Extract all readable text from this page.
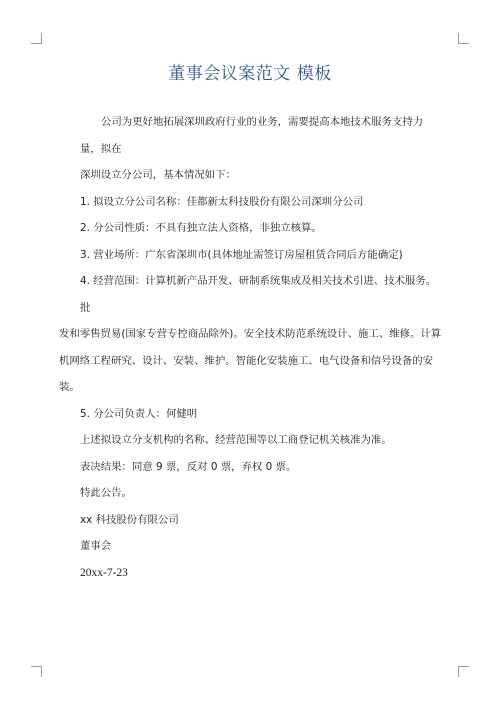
董事会议案范文 模板

公司为更好地拓展深圳政府行业的业务，需要提高本地技术服务支持力量，拟在

深圳设立分公司，基本情况如下：

1. 拟设立分公司名称：佳都新太科技股份有限公司深圳分公司

2. 分公司性质：不具有独立法人资格，非独立核算。

3. 营业场所：广东省深圳市(具体地址需签订房屋租赁合同后方能确定)

4. 经营范围：计算机新产品开发、研制系统集成及相关技术引进、技术服务。批

发和零售贸易(国家专营专控商品除外)。安全技术防范系统设计、施工、维修。计算

机网络工程研究、设计、安装、维护。智能化安装施工、电气设备和信号设备的安装。

5. 分公司负责人：何健明

上述拟设立分支机构的名称、经营范围等以工商登记机关核准为准。

表决结果：同意 9 票，反对 0 票，弃权 0 票。

特此公告。

xx 科技股份有限公司

董事会

20xx-7-23
